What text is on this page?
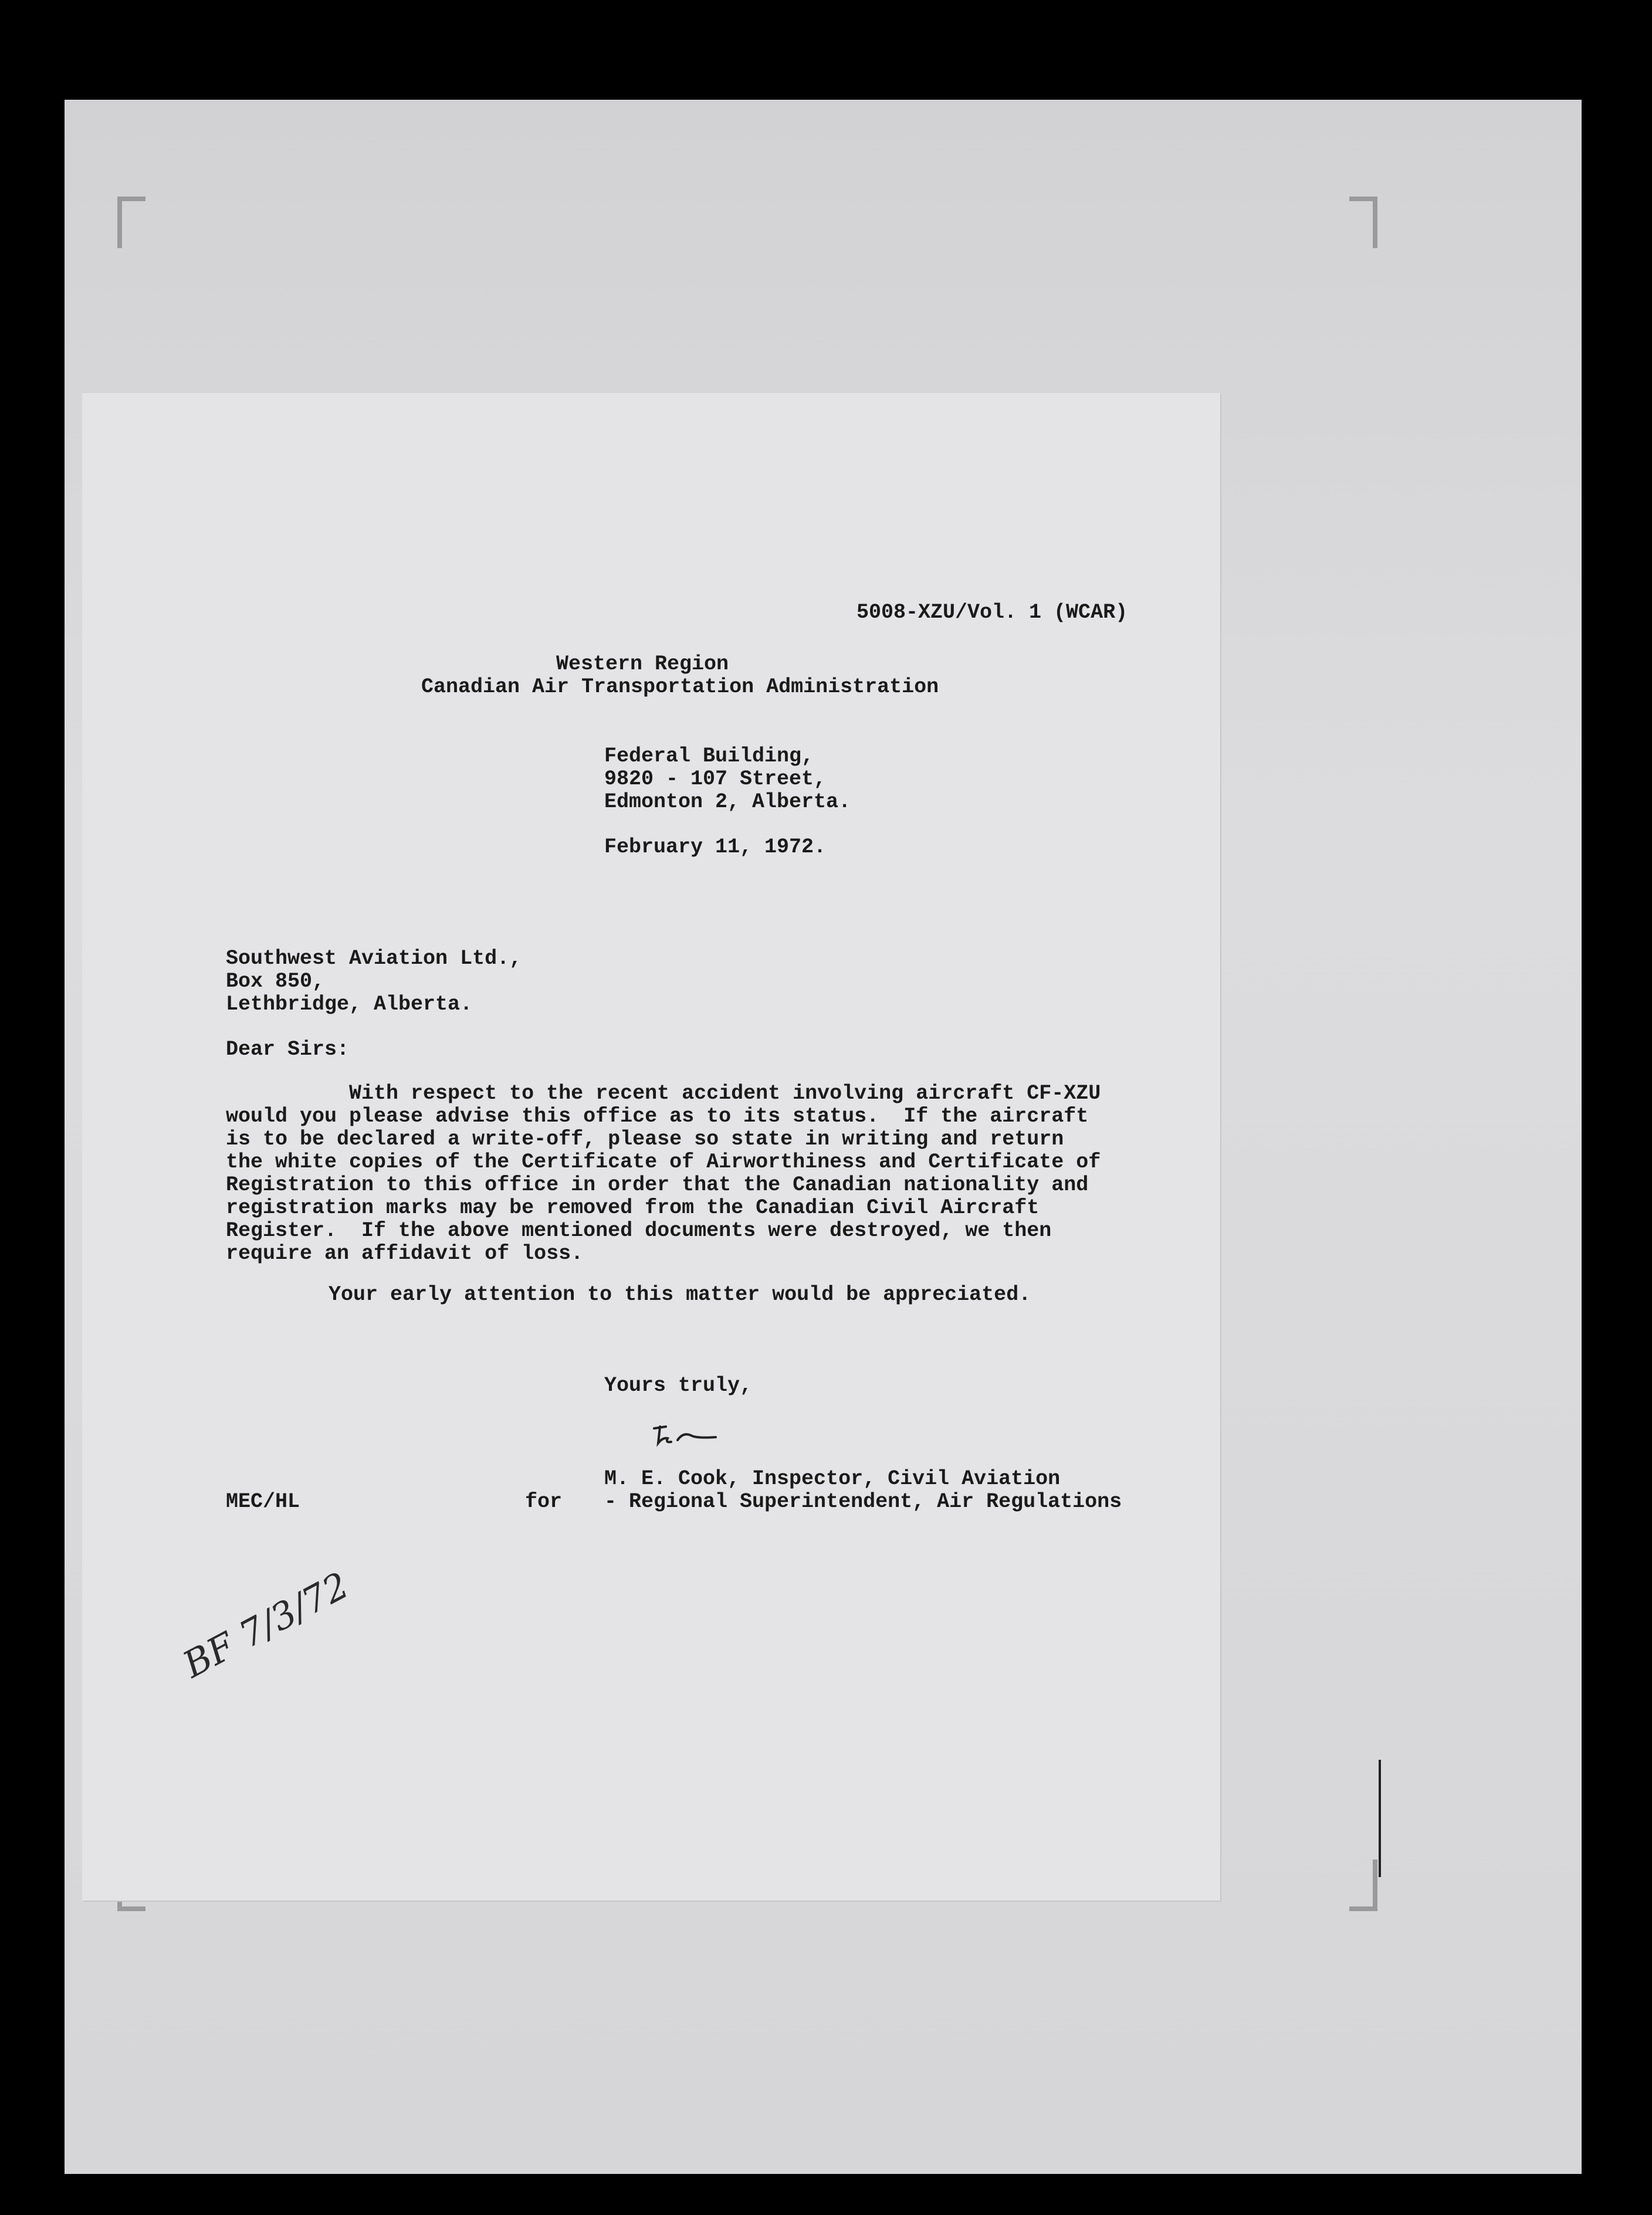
5008-XZU/Vol. 1 (WCAR)
Western Region
Canadian Air Transportation Administration
Federal Building,
9820 - 107 Street,
Edmonton 2, Alberta.
February 11, 1972.
Southwest Aviation Ltd.,
Box 850,
Lethbridge, Alberta.
Dear Sirs:
With respect to the recent accident involving aircraft CF-XZU
would you please advise this office as to its status.  If the aircraft
is to be declared a write-off, please so state in writing and return
the white copies of the Certificate of Airworthiness and Certificate of
Registration to this office in order that the Canadian nationality and
registration marks may be removed from the Canadian Civil Aircraft
Register.  If the above mentioned documents were destroyed, we then
require an affidavit of loss.
Your early attention to this matter would be appreciated.
Yours truly,
M. E. Cook, Inspector, Civil Aviation
- Regional Superintendent, Air Regulations
MEC/HL	for
BF 7/3/72
